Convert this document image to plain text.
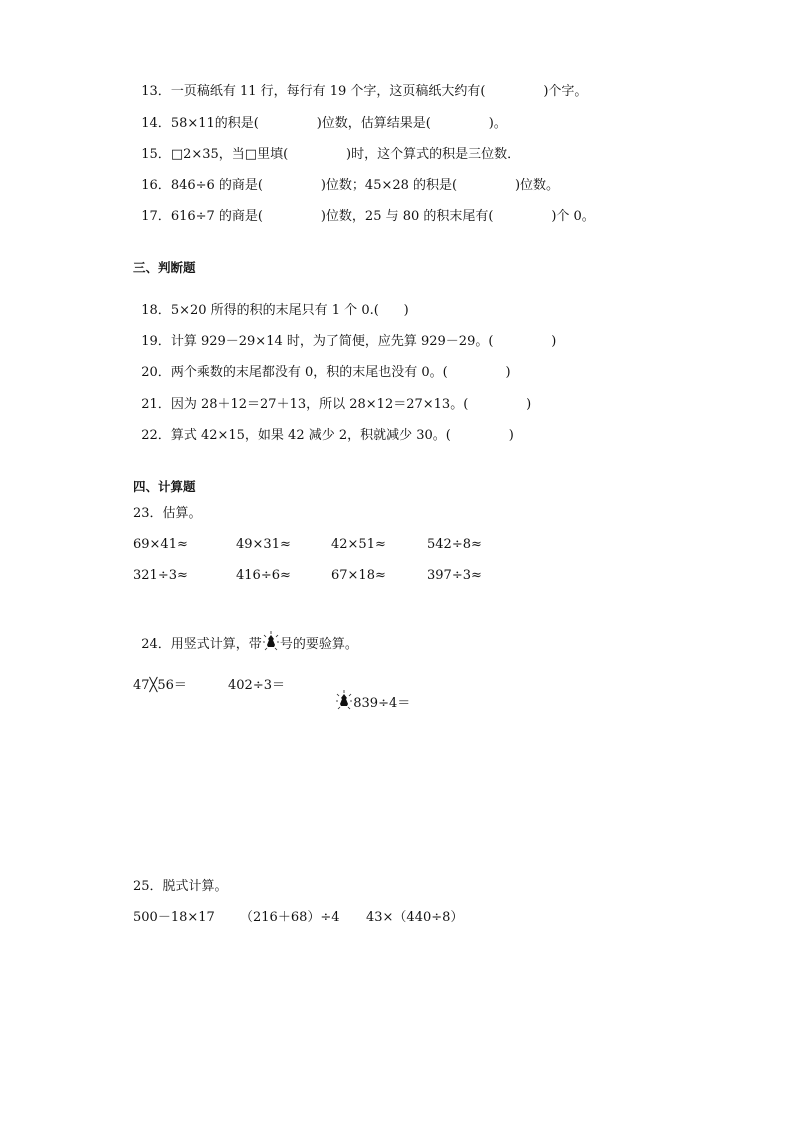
13．一页稿纸有 11 行，每行有 19 个字，这页稿纸大约有(              )个字。

14．58×11的积是(              )位数，估算结果是(              )。

15．□2×35，当□里填(              )时，这个算式的积是三位数．

16．846÷6 的商是(              )位数；45×28 的积是(              )位数。

17．616÷7 的商是(              )位数，25 与 80 的积末尾有(              )个 0。

三、判断题

18．5×20 所得的积的末尾只有 1 个 0.(      )

19．计算 929－29×14 时，为了简便，应先算 929－29。(              )

20．两个乘数的末尾都没有 0，积的末尾也没有 0。(              )

21．因为 28＋12＝27＋13，所以 28×12＝27×13。(              )

22．算式 42×15，如果 42 减少 2，积就减少 30。(              )

四、计算题
23．估算。
69×41≈	49×31≈	42×51≈	542÷8≈
321÷3≈	416÷6≈	67×18≈	397÷3≈

24．用竖式计算，带 号的要验算。

47╳56＝	402÷3＝

839÷4＝

25．脱式计算。
500－18×17 （216＋68）÷4 43×（440÷8）
